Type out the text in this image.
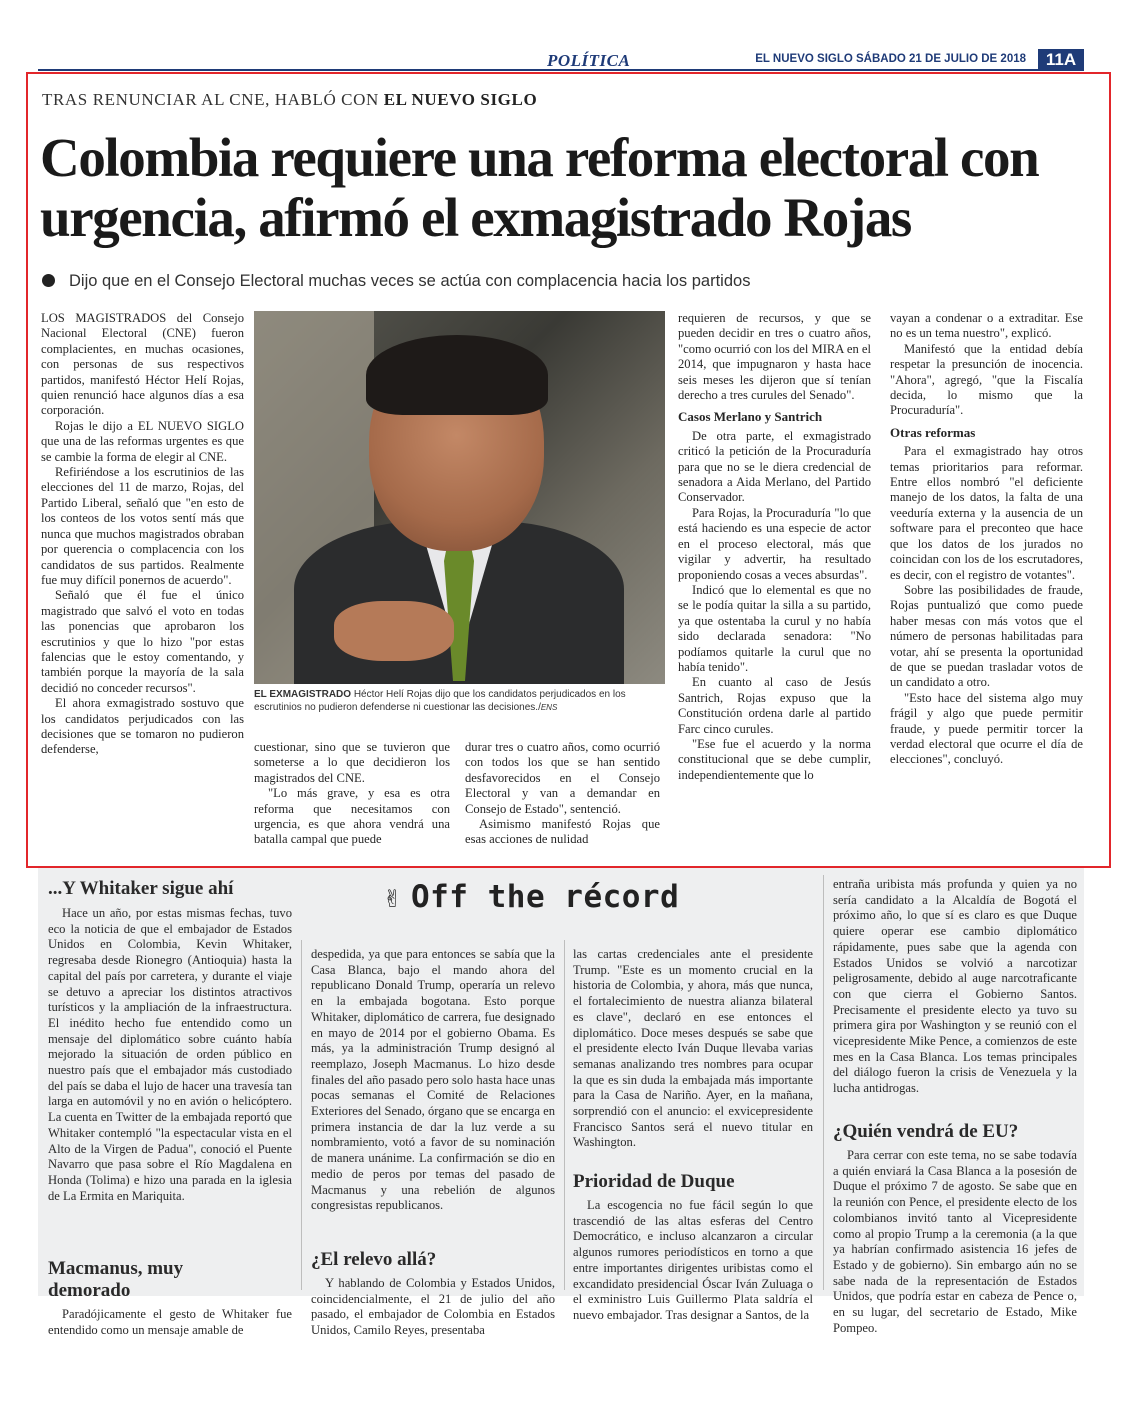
POLÍTICA	EL NUEVO SIGLO SÁBADO 21 DE JULIO DE 2018	11A
TRAS RENUNCIAR AL CNE, HABLÓ CON EL NUEVO SIGLO
Colombia requiere una reforma electoral con urgencia, afirmó el exmagistrado Rojas
Dijo que en el Consejo Electoral muchas veces se actúa con complacencia hacia los partidos

LOS MAGISTRADOS del Consejo Nacional Electoral (CNE) fueron complacientes, en muchas ocasiones, con personas de sus respectivos partidos, manifestó Héctor Helí Rojas, quien renunció hace algunos días a esa corporación.

Rojas le dijo a EL NUEVO SIGLO que una de las reformas urgentes es que se cambie la forma de elegir al CNE.

Refiriéndose a los escrutinios de las elecciones del 11 de marzo, Rojas, del Partido Liberal, señaló que "en esto de los conteos de los votos sentí más que nunca que muchos magistrados obraban por querencia o complacencia con los candidatos de sus partidos. Realmente fue muy difícil ponernos de acuerdo".

Señaló que él fue el único magistrado que salvó el voto en todas las ponencias que aprobaron los escrutinios y que lo hizo "por estas falencias que le estoy comentando, y también porque la mayoría de la sala decidió no conceder recursos".

El ahora exmagistrado sostuvo que los candidatos perjudicados con las decisiones que se tomaron no pudieron defenderse,

EL EXMAGISTRADO Héctor Helí Rojas dijo que los candidatos perjudicados en los escrutinios no pudieron defenderse ni cuestionar las decisiones./ENS

cuestionar, sino que se tuvieron que someterse a lo que decidieron los magistrados del CNE.

"Lo más grave, y esa es otra reforma que necesitamos con urgencia, es que ahora vendrá una batalla campal que puede

durar tres o cuatro años, como ocurrió con todos los que se han sentido desfavorecidos en el Consejo Electoral y van a demandar en Consejo de Estado", sentenció.

Asimismo manifestó Rojas que esas acciones de nulidad

requieren de recursos, y que se pueden decidir en tres o cuatro años, "como ocurrió con los del MIRA en el 2014, que impugnaron y hasta hace seis meses les dijeron que sí tenían derecho a tres curules del Senado".

Casos Merlano y Santrich

De otra parte, el exmagistrado criticó la petición de la Procuraduría para que no se le diera credencial de senadora a Aida Merlano, del Partido Conservador.

Para Rojas, la Procuraduría "lo que está haciendo es una especie de actor en el proceso electoral, más que vigilar y advertir, ha resultado proponiendo cosas a veces absurdas".

Indicó que lo elemental es que no se le podía quitar la silla a su partido, ya que ostentaba la curul y no había sido declarada senadora: "No podíamos quitarle la curul que no había tenido".

En cuanto al caso de Jesús Santrich, Rojas expuso que la Constitución ordena darle al partido Farc cinco curules.

"Ese fue el acuerdo y la norma constitucional que se debe cumplir, independientemente que lo

vayan a condenar o a extraditar. Ese no es un tema nuestro", explicó.

Manifestó que la entidad debía respetar la presunción de inocencia. "Ahora", agregó, "que la Fiscalía decida, lo mismo que la Procuraduría".

Otras reformas

Para el exmagistrado hay otros temas prioritarios para reformar. Entre ellos nombró "el deficiente manejo de los datos, la falta de una veeduría externa y la ausencia de un software para el preconteo que hace que los datos de los jurados no coincidan con los de los escrutadores, es decir, con el registro de votantes".

Sobre las posibilidades de fraude, Rojas puntualizó que como puede haber mesas con más votos que el número de personas habilitadas para votar, ahí se presenta la oportunidad de que se puedan trasladar votos de un candidato a otro.

"Esto hace del sistema algo muy frágil y algo que puede permitir fraude, y puede permitir torcer la verdad electoral que ocurre el día de elecciones", concluyó.

✌ Off the récord
...Y Whitaker sigue ahí

Hace un año, por estas mismas fechas, tuvo eco la noticia de que el embajador de Estados Unidos en Colombia, Kevin Whitaker, regresaba desde Rionegro (Antioquia) hasta la capital del país por carretera, y durante el viaje se detuvo a apreciar los distintos atractivos turísticos y la ampliación de la infraestructura. El inédito hecho fue entendido como un mensaje del diplomático sobre cuánto había mejorado la situación de orden público en nuestro país que el embajador más custodiado del país se daba el lujo de hacer una travesía tan larga en automóvil y no en avión o helicóptero. La cuenta en Twitter de la embajada reportó que Whitaker contempló "la espectacular vista en el Alto de la Virgen de Padua", conoció el Puente Navarro que pasa sobre el Río Magdalena en Honda (Tolima) e hizo una parada en la iglesia de La Ermita en Mariquita.

Macmanus, muy demorado

Paradójicamente el gesto de Whitaker fue entendido como un mensaje amable de

despedida, ya que para entonces se sabía que la Casa Blanca, bajo el mando ahora del republicano Donald Trump, operaría un relevo en la embajada bogotana. Esto porque Whitaker, diplomático de carrera, fue designado en mayo de 2014 por el gobierno Obama. Es más, ya la administración Trump designó al reemplazo, Joseph Macmanus. Lo hizo desde finales del año pasado pero solo hasta hace unas pocas semanas el Comité de Relaciones Exteriores del Senado, órgano que se encarga en primera instancia de dar la luz verde a su nombramiento, votó a favor de su nominación de manera unánime. La confirmación se dio en medio de peros por temas del pasado de Macmanus y una rebelión de algunos congresistas republicanos.

¿El relevo allá?

Y hablando de Colombia y Estados Unidos, coincidencialmente, el 21 de julio del año pasado, el embajador de Colombia en Estados Unidos, Camilo Reyes, presentaba

las cartas credenciales ante el presidente Trump. "Este es un momento crucial en la historia de Colombia, y ahora, más que nunca, el fortalecimiento de nuestra alianza bilateral es clave", declaró en ese entonces el diplomático. Doce meses después se sabe que el presidente electo Iván Duque llevaba varias semanas analizando tres nombres para ocupar la que es sin duda la embajada más importante para la Casa de Nariño. Ayer, en la mañana, sorprendió con el anuncio: el exvicepresidente Francisco Santos será el nuevo titular en Washington.

Prioridad de Duque

La escogencia no fue fácil según lo que trascendió de las altas esferas del Centro Democrático, e incluso alcanzaron a circular algunos rumores periodísticos en torno a que entre importantes dirigentes uribistas como el excandidato presidencial Óscar Iván Zuluaga o el exministro Luis Guillermo Plata saldría el nuevo embajador. Tras designar a Santos, de la

entraña uribista más profunda y quien ya no sería candidato a la Alcaldía de Bogotá el próximo año, lo que sí es claro es que Duque quiere operar ese cambio diplomático rápidamente, pues sabe que la agenda con Estados Unidos se volvió a narcotizar peligrosamente, debido al auge narcotraficante con que cierra el Gobierno Santos. Precisamente el presidente electo ya tuvo su primera gira por Washington y se reunió con el vicepresidente Mike Pence, a comienzos de este mes en la Casa Blanca. Los temas principales del diálogo fueron la crisis de Venezuela y la lucha antidrogas.

¿Quién vendrá de EU?

Para cerrar con este tema, no se sabe todavía a quién enviará la Casa Blanca a la posesión de Duque el próximo 7 de agosto. Se sabe que en la reunión con Pence, el presidente electo de los colombianos invitó tanto al Vicepresidente como al propio Trump a la ceremonia (a la que ya habrían confirmado asistencia 16 jefes de Estado y de gobierno). Sin embargo aún no se sabe nada de la representación de Estados Unidos, que podría estar en cabeza de Pence o, en su lugar, del secretario de Estado, Mike Pompeo.
